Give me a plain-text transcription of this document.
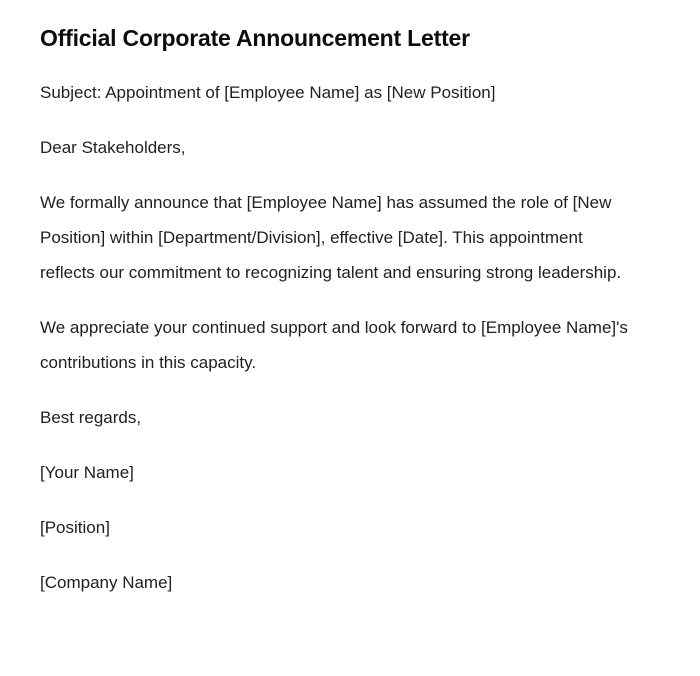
Official Corporate Announcement Letter

Subject: Appointment of [Employee Name] as [New Position]

Dear Stakeholders,

We formally announce that [Employee Name] has assumed the role of [New Position] within [Department/Division], effective [Date]. This appointment reflects our commitment to recognizing talent and ensuring strong leadership.

We appreciate your continued support and look forward to [Employee Name]'s contributions in this capacity.

Best regards,

[Your Name]

[Position]

[Company Name]
